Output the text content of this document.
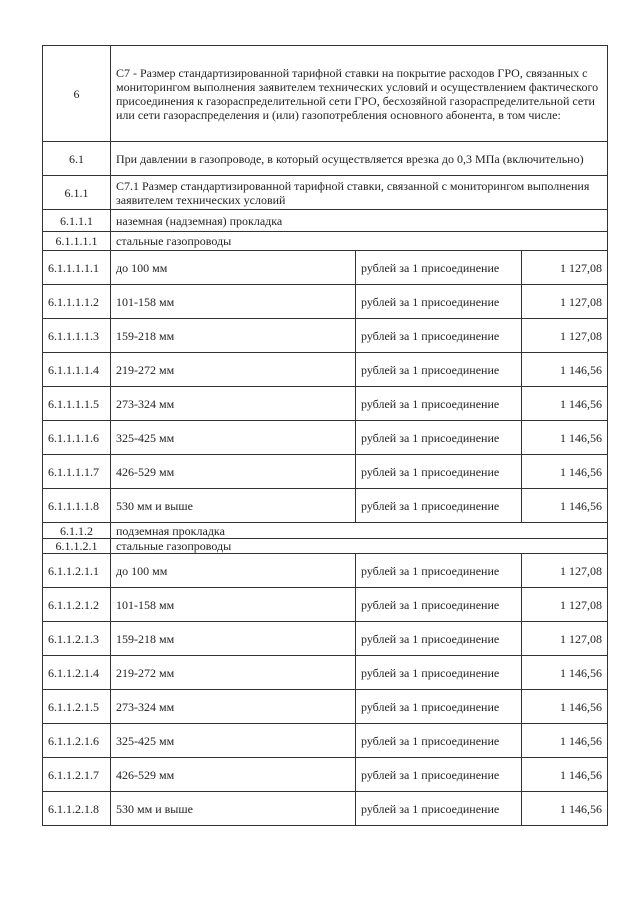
6	С7 - Размер стандартизированной тарифной ставки на покрытие расходов ГРО, связанных с мониторингом выполнения заявителем технических условий и осуществлением фактического присоединения к газораспределительной сети ГРО, бесхозяйной газораспределительной сети или сети газораспределения и (или) газопотребления основного абонента, в том числе:		
6.1	При давлении в газопроводе, в который осуществляется врезка до 0,3 МПа (включительно)		
6.1.1	С7.1 Размер стандартизированной тарифной ставки, связанной с мониторингом выполнения заявителем технических условий		
6.1.1.1	наземная (надземная) прокладка		
6.1.1.1.1	стальные газопроводы		
6.1.1.1.1.1	до 100 мм	рублей за 1 присоединение	1 127,08
6.1.1.1.1.2	101-158 мм	рублей за 1 присоединение	1 127,08
6.1.1.1.1.3	159-218 мм	рублей за 1 присоединение	1 127,08
6.1.1.1.1.4	219-272 мм	рублей за 1 присоединение	1 146,56
6.1.1.1.1.5	273-324 мм	рублей за 1 присоединение	1 146,56
6.1.1.1.1.6	325-425 мм	рублей за 1 присоединение	1 146,56
6.1.1.1.1.7	426-529 мм	рублей за 1 присоединение	1 146,56
6.1.1.1.1.8	530 мм и выше	рублей за 1 присоединение	1 146,56
6.1.1.2	подземная прокладка		
6.1.1.2.1	стальные газопроводы		
6.1.1.2.1.1	до 100 мм	рублей за 1 присоединение	1 127,08
6.1.1.2.1.2	101-158 мм	рублей за 1 присоединение	1 127,08
6.1.1.2.1.3	159-218 мм	рублей за 1 присоединение	1 127,08
6.1.1.2.1.4	219-272 мм	рублей за 1 присоединение	1 146,56
6.1.1.2.1.5	273-324 мм	рублей за 1 присоединение	1 146,56
6.1.1.2.1.6	325-425 мм	рублей за 1 присоединение	1 146,56
6.1.1.2.1.7	426-529 мм	рублей за 1 присоединение	1 146,56
6.1.1.2.1.8	530 мм и выше	рублей за 1 присоединение	1 146,56
